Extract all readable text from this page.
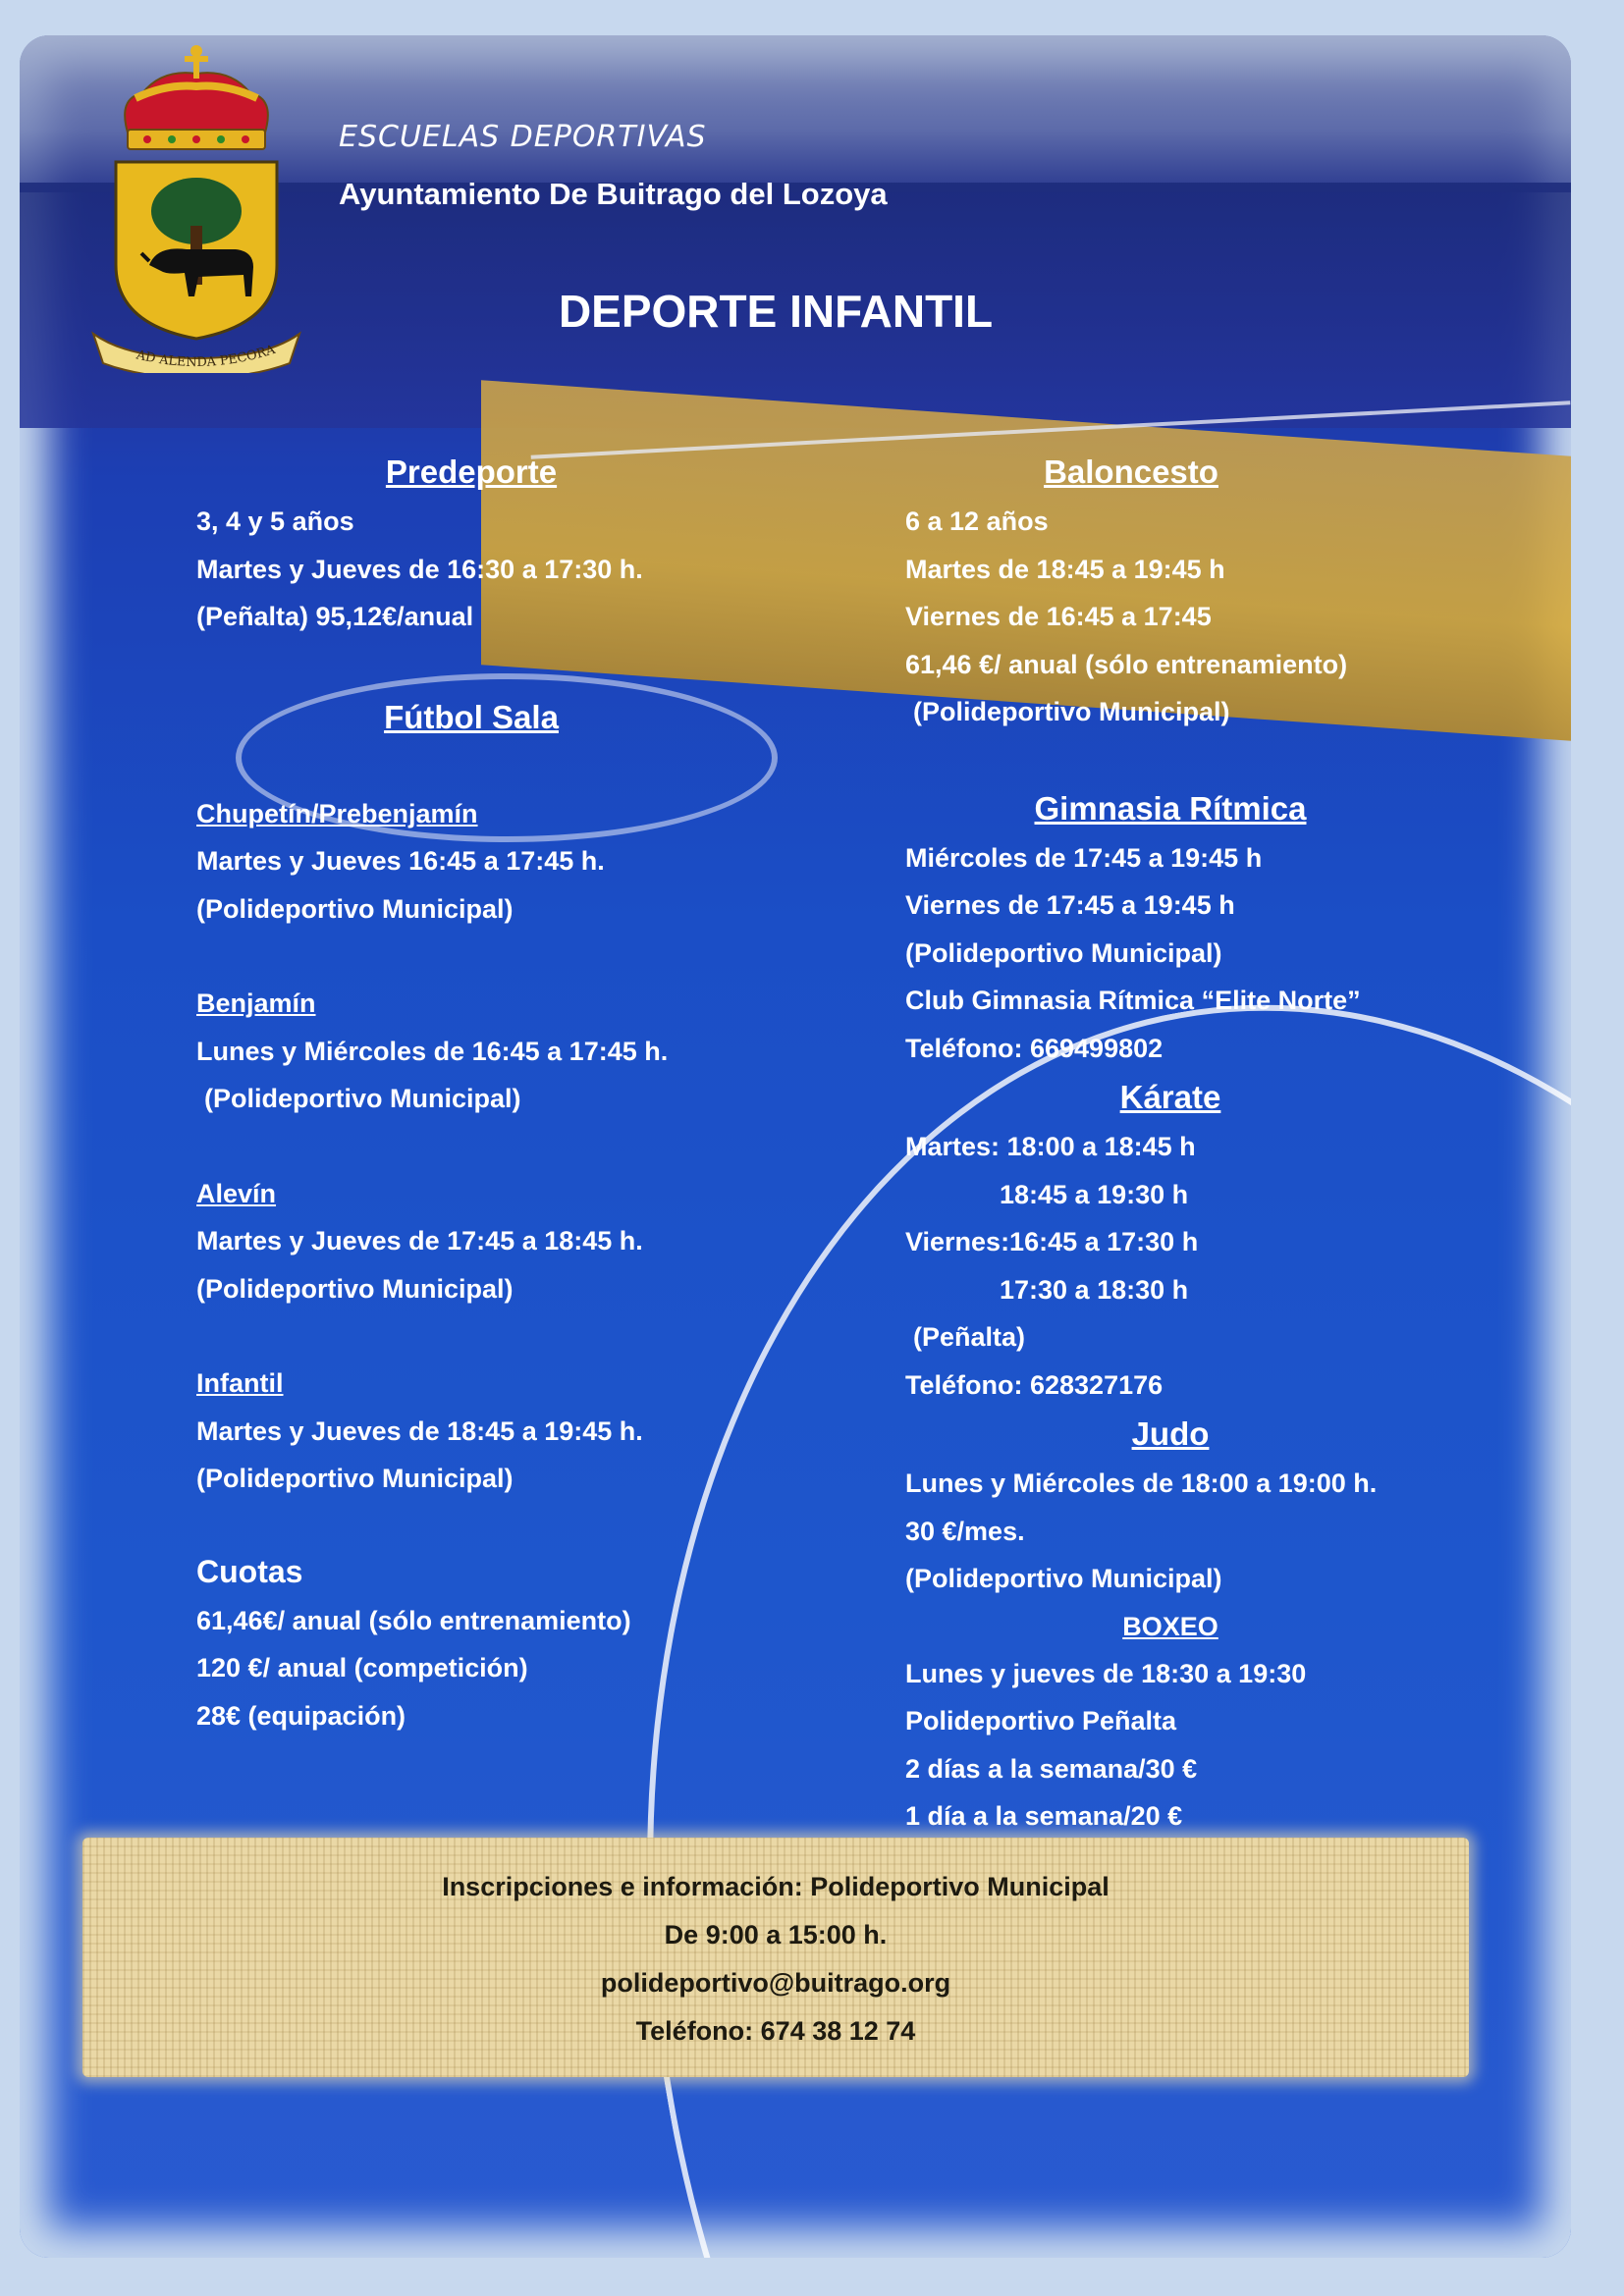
AD ALENDA PECORA
ESCUELAS DEPORTIVAS
Ayuntamiento De Buitrago del Lozoya
DEPORTE INFANTIL
Predeporte
3, 4 y 5 años
Martes y Jueves de 16:30 a 17:30 h.
(Peñalta) 95,12€/anual
Fútbol Sala
Chupetín/Prebenjamín
Martes y Jueves 16:45 a 17:45 h.
(Polideportivo Municipal)
Benjamín
Lunes y Miércoles de 16:45 a 17:45 h.
(Polideportivo Municipal)
Alevín
Martes y Jueves de 17:45 a 18:45 h.
(Polideportivo Municipal)
Infantil
Martes y Jueves de 18:45 a 19:45 h.
(Polideportivo Municipal)
Cuotas
61,46€/ anual (sólo entrenamiento)
120 €/ anual (competición)
28€ (equipación)
Baloncesto
6 a 12 años
Martes de 18:45 a 19:45 h
Viernes de 16:45 a 17:45
61,46 €/ anual (sólo entrenamiento)
(Polideportivo Municipal)
Gimnasia Rítmica
Miércoles de 17:45 a 19:45 h
Viernes de 17:45 a 19:45 h
(Polideportivo Municipal)
Club Gimnasia Rítmica “Elite Norte”
Teléfono: 669499802
Kárate
Martes: 18:00 a 18:45 h
18:45 a 19:30 h
Viernes:16:45 a 17:30 h
17:30 a 18:30 h
(Peñalta)
Teléfono: 628327176
Judo
Lunes y Miércoles de 18:00 a 19:00 h.
30 €/mes.
(Polideportivo Municipal)
BOXEO
Lunes y jueves de 18:30 a 19:30
Polideportivo Peñalta
2 días a la semana/30 €
1 día a la semana/20 €
Inscripciones e información: Polideportivo Municipal
De 9:00 a 15:00 h.
polideportivo@buitrago.org
Teléfono: 674 38 12 74
